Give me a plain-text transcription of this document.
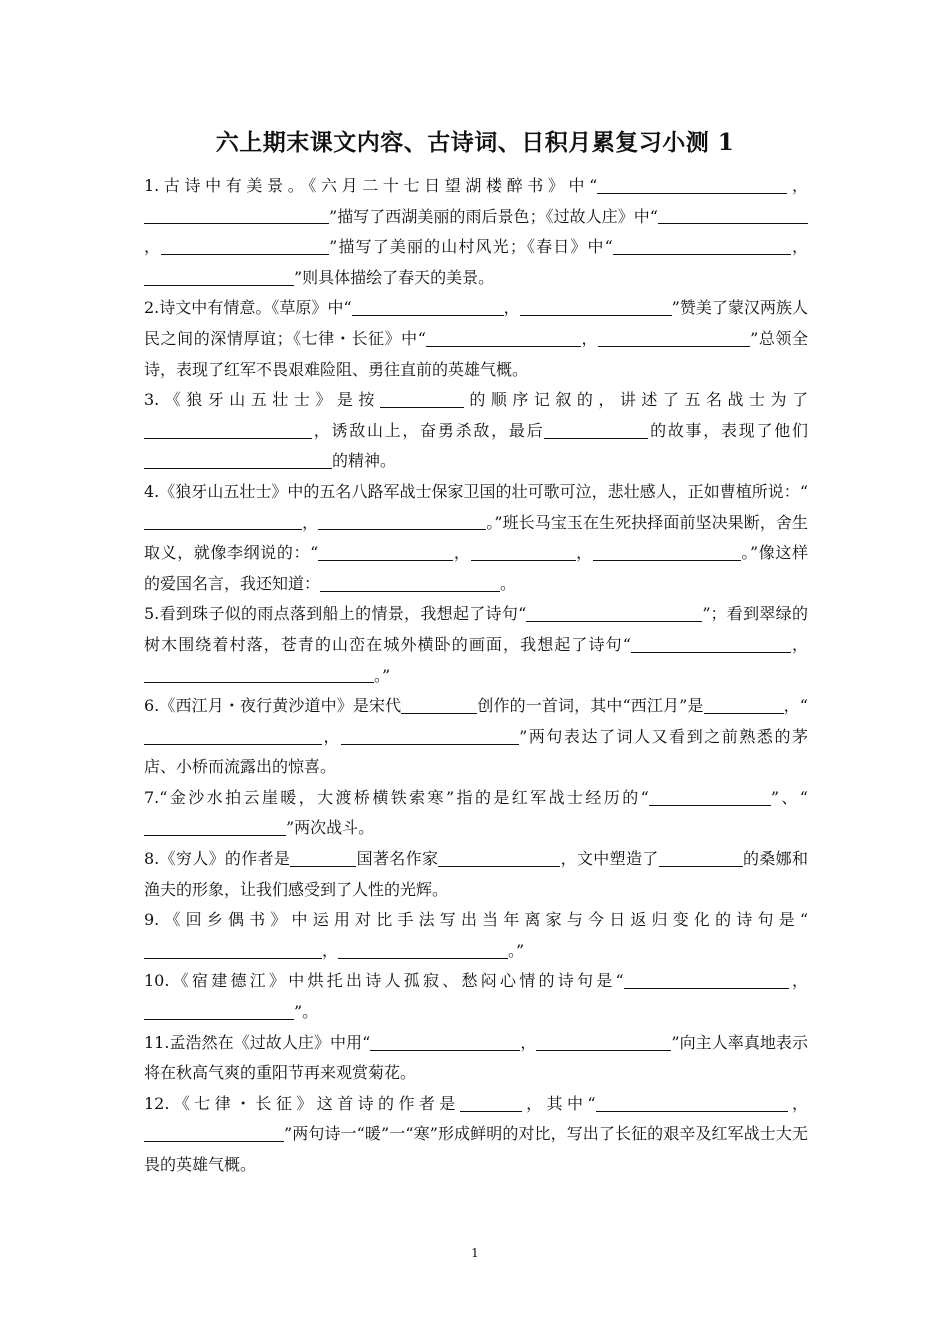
六上期末课文内容、古诗词、日积月累复习小测 1

1.古诗中有美景。《六月二十七日望湖楼醉书》中“	，”描写了西湖美丽的雨后景色；《过故人庄》中“，	”描写了美丽的山村风光；《春日》中“	，”则具体描绘了春天的美景。

2.诗文中有情意。《草原》中“	，	”赞美了蒙汉两族人民之间的深情厚谊；《七律・长征》中“	，	”总领全诗，表现了红军不畏艰难险阻、勇往直前的英雄气概。

3.《狼牙山五壮士》是按	的顺序记叙的，讲述了五名战士为了，诱敌山上，奋勇杀敌，最后	的故事，表现了他们的精神。

4.《狼牙山五壮士》中的五名八路军战士保家卫国的壮可歌可泣，悲壮感人，正如曹植所说：“，	。”班长马宝玉在生死抉择面前坚决果断，舍生取义，就像李纲说的：“	，	，	。”像这样的爱国名言，我还知道：	。

5.看到珠子似的雨点落到船上的情景，我想起了诗句“	”；看到翠绿的树木围绕着村落，苍青的山峦在城外横卧的画面，我想起了诗句“	，。”

6.《西江月・夜行黄沙道中》是宋代	创作的一首词，其中“西江月”是	，“，	”两句表达了词人又看到之前熟悉的茅店、小桥而流露出的惊喜。

7.“金沙水拍云崖暖，大渡桥横铁索寒”指的是红军战士经历的“	”、“”两次战斗。

8.《穷人》的作者是	国著名作家	，文中塑造了	的桑娜和渔夫的形象，让我们感受到了人性的光辉。

9.《回乡偶书》中运用对比手法写出当年离家与今日返归变化的诗句是“，	。”

10.《宿建德江》中烘托出诗人孤寂、愁闷心情的诗句是“	，”。

11.孟浩然在《过故人庄》中用“	，	”向主人率真地表示将在秋高气爽的重阳节再来观赏菊花。

12.《七律・长征》这首诗的作者是	，其中“	，”两句诗一“暖”一“寒”形成鲜明的对比，写出了长征的艰辛及红军战士大无畏的英雄气概。

1
